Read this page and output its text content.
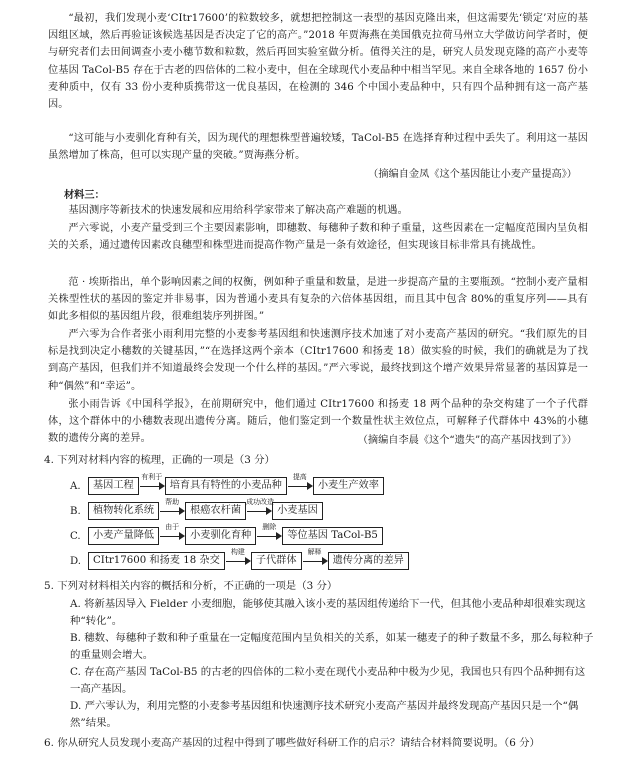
“最初，我们发现小麦‘CItr17600’的粒数较多，就想把控制这一表型的基因克隆出来，但这需要先‘锁定’对应的基因组区域，然后再验证该候选基因是否决定了它的高产。”2018 年贾海燕在美国俄克拉荷马州立大学做访问学者时，便与研究者们去田间调查小麦小穗节数和粒数，然后再回实验室做分析。值得关注的是，研究人员发现克隆的高产小麦等位基因 TaCol-B5 存在于古老的四倍体的二粒小麦中，但在全球现代小麦品种中相当罕见。来自全球各地的 1657 份小麦种质中，仅有 33 份小麦种质携带这一优良基因，在检测的 346 个中国小麦品种中，只有四个品种拥有这一高产基因。
“这可能与小麦驯化育种有关，因为现代的理想株型普遍较矮，TaCol-B5 在选择育种过程中丢失了。利用这一基因虽然增加了株高，但可以实现产量的突破。”贾海燕分析。
（摘编自金凤《这个基因能让小麦产量提高》）
材料三：
基因测序等新技术的快速发展和应用给科学家带来了解决高产难题的机遇。
严六零说，小麦产量受到三个主要因素影响，即穗数、每穗种子数和种子重量，这些因素在一定幅度范围内呈负相关的关系，通过遗传因素改良穗型和株型进而提高作物产量是一条有效途径，但实现该目标非常具有挑战性。
范 · 埃斯指出，单个影响因素之间的权衡，例如种子重量和数量，是进一步提高产量的主要瓶颈。“控制小麦产量相关株型性状的基因的鉴定并非易事，因为普通小麦具有复杂的六倍体基因组，而且其中包含 80%的重复序列——具有如此多相似的基因组片段，很难组装序列拼图。”
严六零为合作者张小雨利用完整的小麦参考基因组和快速测序技术加速了对小麦高产基因的研究。“我们原先的目标是找到决定小穗数的关键基因，”“在选择这两个亲本（CItr17600 和扬麦 18）做实验的时候，我们的确就是为了找到高产基因，但我们并不知道最终会发现一个什么样的基因。”严六零说，最终找到这个增产效果异常显著的基因算是一种“偶然”和“幸运”。
张小雨告诉《中国科学报》，在前期研究中，他们通过 CItr17600 和扬麦 18 两个品种的杂交构建了一个子代群体，这个群体中的小穗数表现出遗传分离。随后，他们鉴定到一个数量性状主效位点，可解释子代群体中 43%的小穗数的遗传分离的差异。	（摘编自李晨《这个“遗失”的高产基因找到了》）
4. 下列对材料内容的梳理，正确的一项是（3 分）
A.	基因工程
有利于
培育具有特性的小麦品种
提高
小麦生产效率
B.	植物转化系统
帮助
根癌农杆菌
成功改造
小麦基因
C.	小麦产量降低
由于
小麦驯化育种
删除
等位基因 TaCol-B5
D.	CItr17600 和扬麦 18 杂交
构建
子代群体
解释
遗传分离的差异
5. 下列对材料相关内容的概括和分析，不正确的一项是（3 分）
A. 将新基因导入 Fielder 小麦细胞，能够使其融入该小麦的基因组传递给下一代，但其他小麦品种却很难实现这种“转化”。
B. 穗数、每穗种子数和种子重量在一定幅度范围内呈负相关的关系，如某一穗麦子的种子数量不多，那么每粒种子的重量则会增大。
C. 存在高产基因 TaCol-B5 的古老的四倍体的二粒小麦在现代小麦品种中极为少见，我国也只有四个品种拥有这一高产基因。
D. 严六零认为，利用完整的小麦参考基因组和快速测序技术研究小麦高产基因并最终发现高产基因只是一个“偶然”结果。
6. 你从研究人员发现小麦高产基因的过程中得到了哪些做好科研工作的启示？请结合材料简要说明。（6 分）
